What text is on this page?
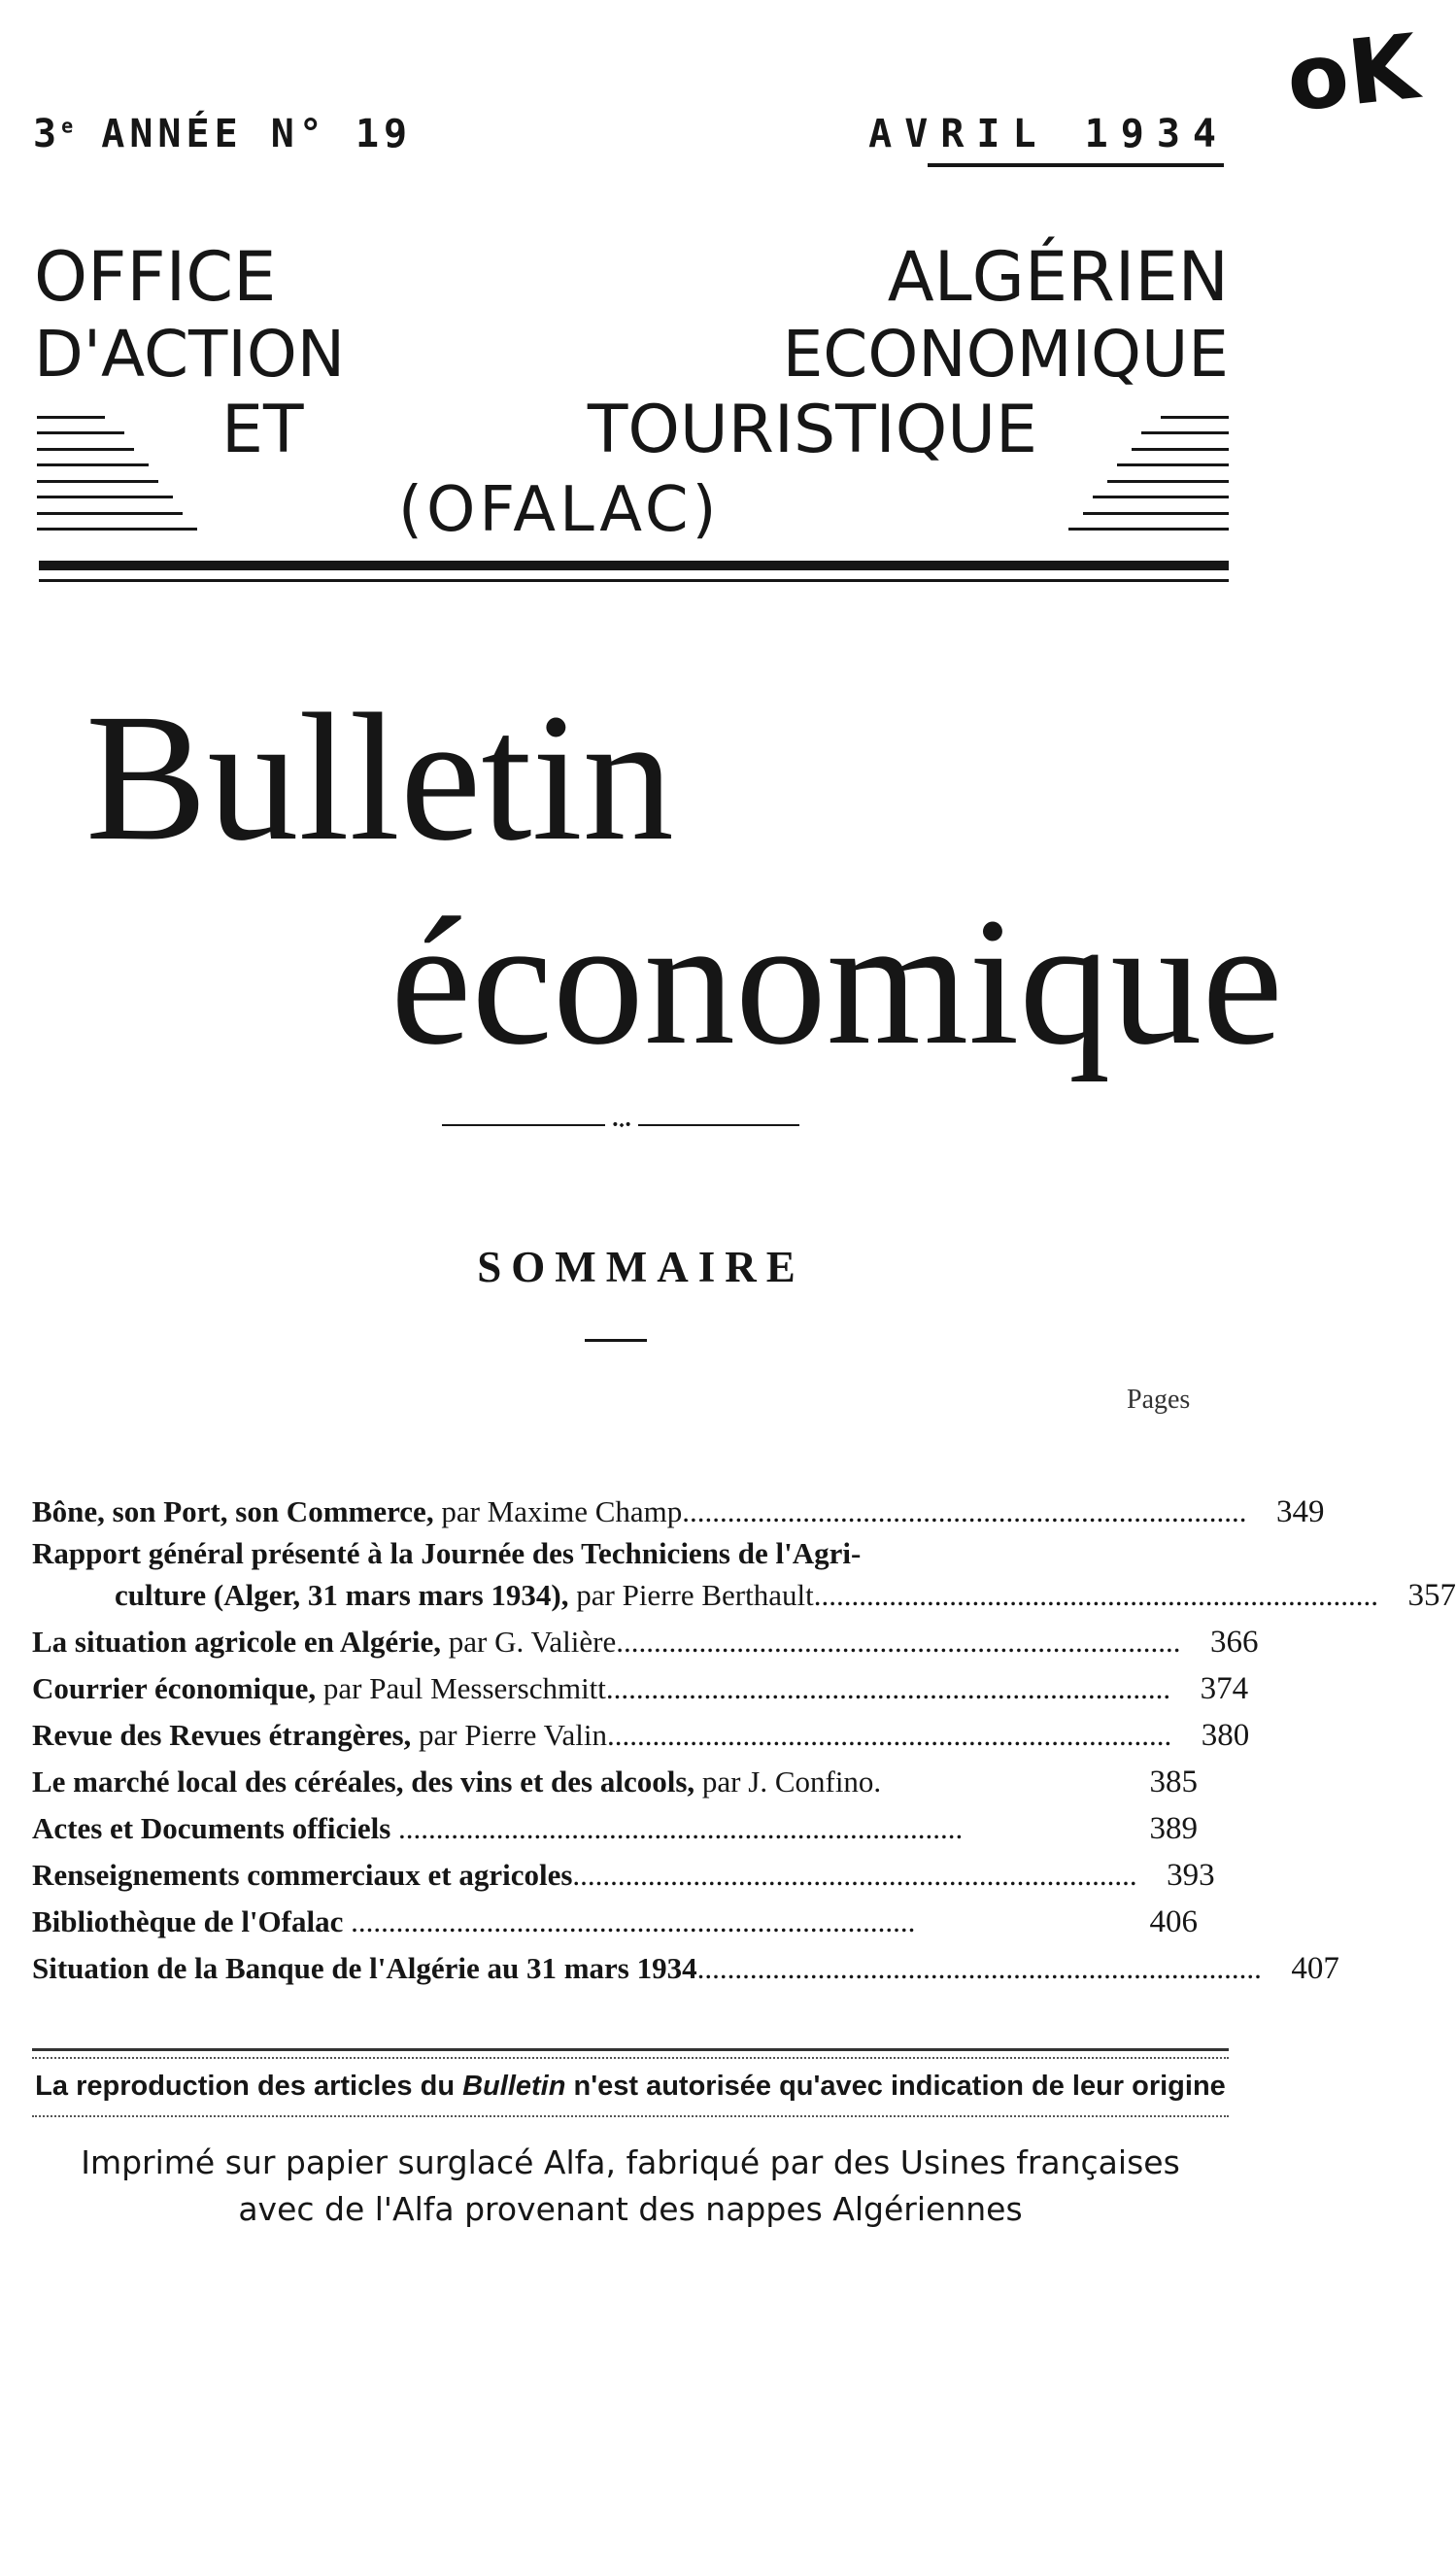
oK
3e ANNÉE N° 19	AVRIL 1934
OFFICE ALGÉRIEN
D'ACTION ECONOMIQUE
ET TOURISTIQUE
(OFALAC)
Bulletin
économique
•⬩•
SOMMAIRE
Pages
Bône, son Port, son Commerce, par Maxime Champ........................................................................... 349
Rapport général présenté à la Journée des Techniciens de l'Agri-
culture (Alger, 31 mars mars 1934), par Pierre Berthault........................................................................... 357
La situation agricole en Algérie, par G. Valière........................................................................... 366
Courrier économique, par Paul Messerschmitt........................................................................... 374
Revue des Revues étrangères, par Pierre Valin........................................................................... 380
Le marché local des céréales, des vins et des alcools, par J. Confino.	385
Actes et Documents officiels ...........................................................................	389
Renseignements commerciaux et agricoles........................................................................... 393
Bibliothèque de l'Ofalac ...........................................................................	406
Situation de la Banque de l'Algérie au 31 mars 1934........................................................................... 407
La reproduction des articles du Bulletin n'est autorisée qu'avec indication de leur origine
Imprimé sur papier surglacé Alfa, fabriqué par des Usines françaises
avec de l'Alfa provenant des nappes Algériennes
